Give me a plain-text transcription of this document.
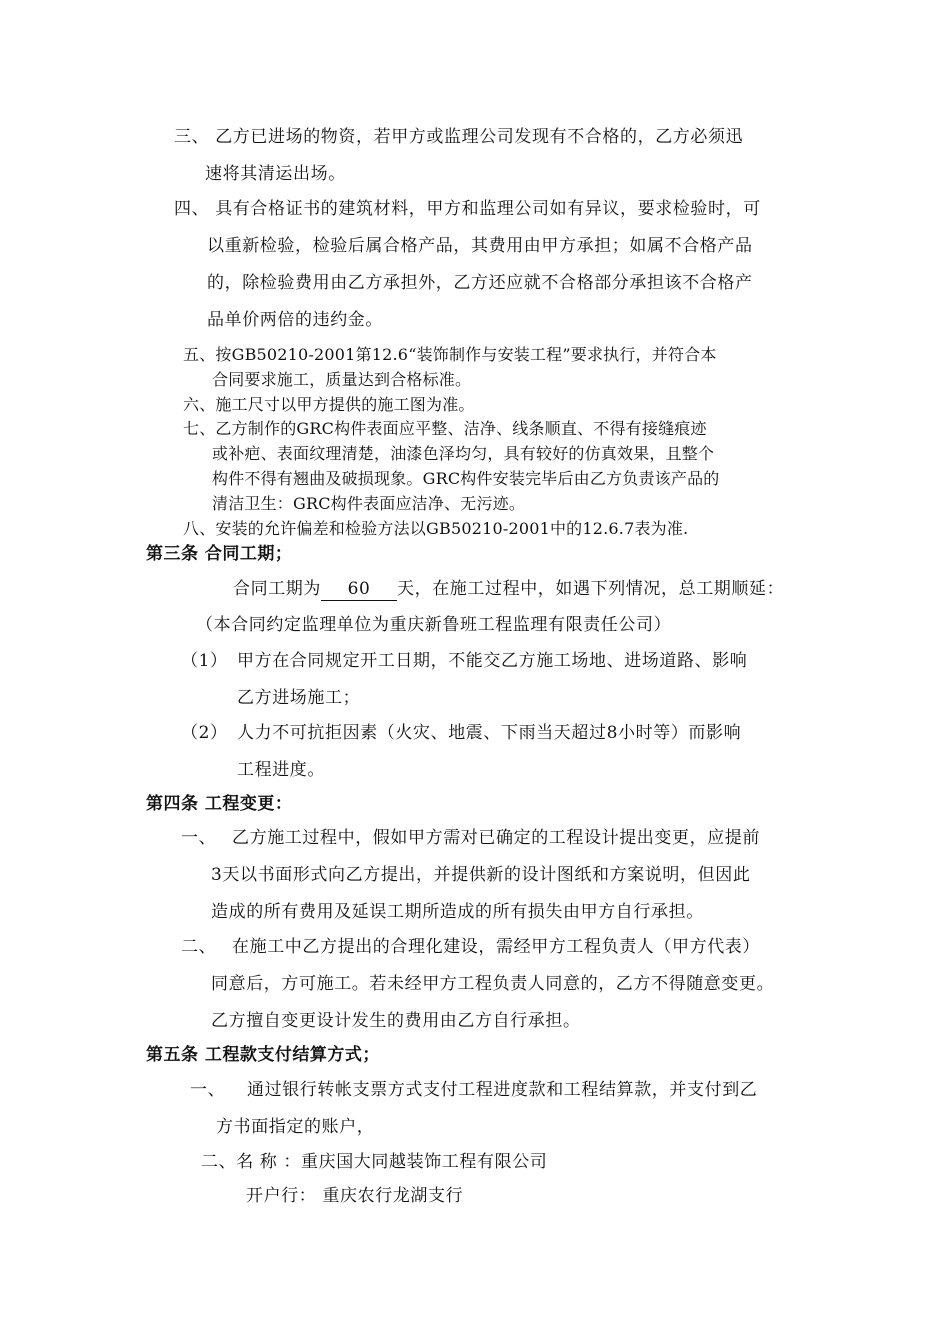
三、 乙方已进场的物资，若甲方或监理公司发现有不合格的，乙方必须迅
速将其清运出场。
四、 具有合格证书的建筑材料，甲方和监理公司如有异议，要求检验时，可
以重新检验，检验后属合格产品，其费用由甲方承担；如属不合格产品
的，除检验费用由乙方承担外，乙方还应就不合格部分承担该不合格产
品单价两倍的违约金。
五、按GB50210-2001第12.6“装饰制作与安装工程”要求执行，并符合本
合同要求施工，质量达到合格标准。
六、施工尺寸以甲方提供的施工图为准。
七、乙方制作的GRC构件表面应平整、洁净、线条顺直、不得有接缝痕迹
或补疤、表面纹理清楚，油漆色泽均匀，具有较好的仿真效果，且整个
构件不得有翘曲及破损现象。GRC构件安装完毕后由乙方负责该产品的
清洁卫生：GRC构件表面应洁净、无污迹。
八、安装的允许偏差和检验方法以GB50210-2001中的12.6.7表为准.
第三条 合同工期；
合同工期为 60 天，在施工过程中，如遇下列情况，总工期顺延：
（本合同约定监理单位为重庆新鲁班工程监理有限责任公司）
（1） 甲方在合同规定开工日期，不能交乙方施工场地、进场道路、影响
乙方进场施工；
（2） 人力不可抗拒因素（火灾、地震、下雨当天超过8小时等）而影响
工程进度。
第四条 工程变更：
一、 乙方施工过程中，假如甲方需对已确定的工程设计提出变更，应提前
3天以书面形式向乙方提出，并提供新的设计图纸和方案说明，但因此
造成的所有费用及延误工期所造成的所有损失由甲方自行承担。
二、 在施工中乙方提出的合理化建设，需经甲方工程负责人（甲方代表）
同意后，方可施工。若未经甲方工程负责人同意的，乙方不得随意变更。
乙方擅自变更设计发生的费用由乙方自行承担。
第五条 工程款支付结算方式；
一、 通过银行转帐支票方式支付工程进度款和工程结算款，并支付到乙
方书面指定的账户，
二、名 称 ：重庆国大同越装饰工程有限公司
开户行： 重庆农行龙湖支行
